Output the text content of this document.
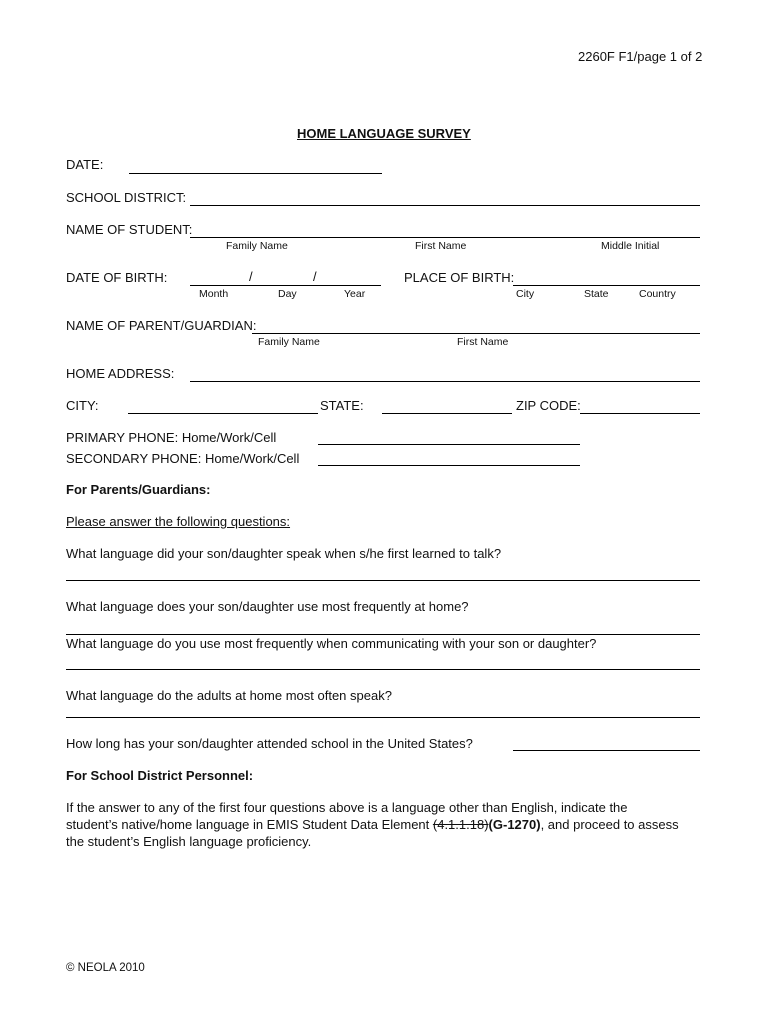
2260F F1/page 1 of 2
HOME LANGUAGE SURVEY
DATE:
SCHOOL DISTRICT:
NAME OF STUDENT:
Family Name	First Name	Middle Initial
DATE OF BIRTH:	/	/
Month	Day	Year
PLACE OF BIRTH:
City	State	Country
NAME OF PARENT/GUARDIAN:
Family Name	First Name
HOME ADDRESS:
CITY:	STATE:	ZIP CODE:
PRIMARY PHONE: Home/Work/Cell
SECONDARY PHONE: Home/Work/Cell
For Parents/Guardians:
Please answer the following questions:
What language did your son/daughter speak when s/he first learned to talk?
What language does your son/daughter use most frequently at home?
What language do you use most frequently when communicating with your son or daughter?
What language do the adults at home most often speak?
How long has your son/daughter attended school in the United States?
For School District Personnel:
If the answer to any of the first four questions above is a language other than English, indicate the
student’s native/home language in EMIS Student Data Element (4.1.1.18)(G-1270), and proceed to assess
the student’s English language proficiency.
© NEOLA 2010
